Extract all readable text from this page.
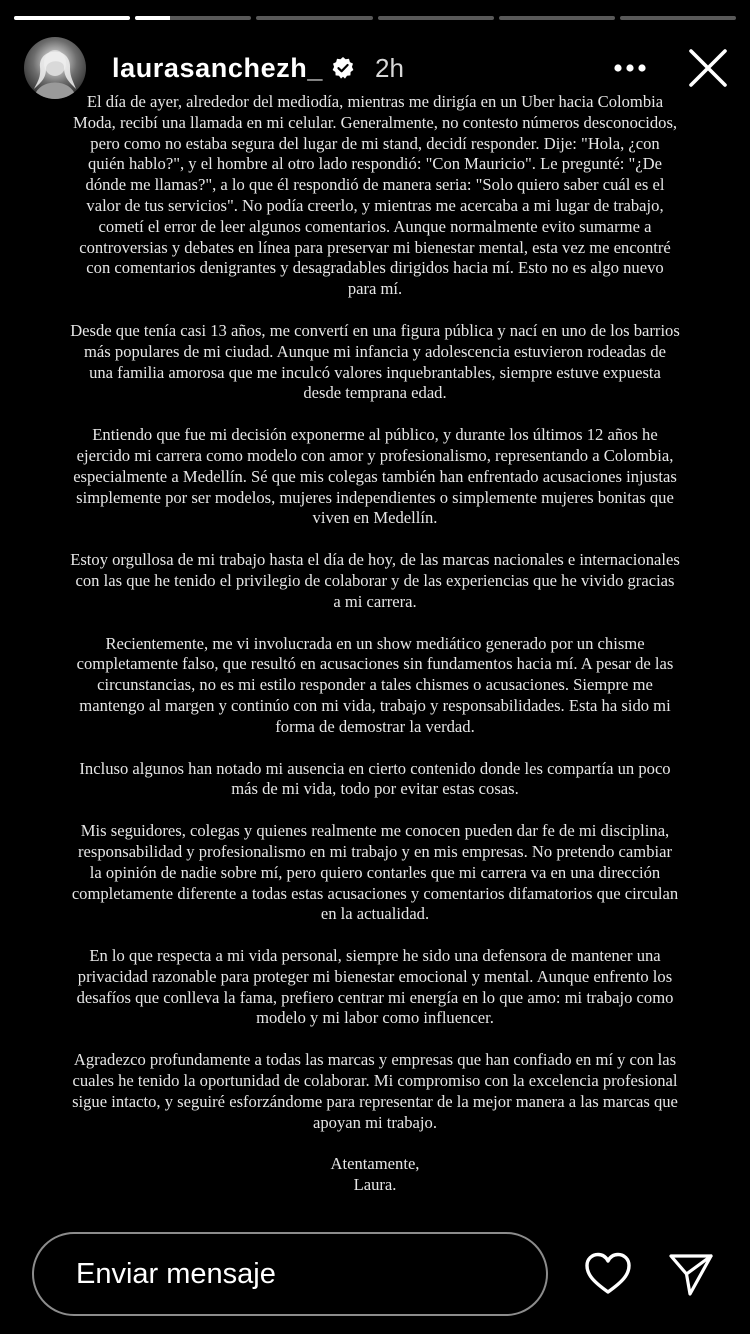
laurasanchezh_ 2h

El día de ayer, alrededor del mediodía, mientras me dirigía en un Uber hacia Colombia Moda, recibí una llamada en mi celular. Generalmente, no contesto números desconocidos, pero como no estaba segura del lugar de mi stand, decidí responder. Dije: "Hola, ¿con quién hablo?", y el hombre al otro lado respondió: "Con Mauricio". Le pregunté: "¿De dónde me llamas?", a lo que él respondió de manera seria: "Solo quiero saber cuál es el valor de tus servicios". No podía creerlo, y mientras me acercaba a mi lugar de trabajo, cometí el error de leer algunos comentarios. Aunque normalmente evito sumarme a controversias y debates en línea para preservar mi bienestar mental, esta vez me encontré con comentarios denigrantes y desagradables dirigidos hacia mí. Esto no es algo nuevo para mí.

Desde que tenía casi 13 años, me convertí en una figura pública y nací en uno de los barrios más populares de mi ciudad. Aunque mi infancia y adolescencia estuvieron rodeadas de una familia amorosa que me inculcó valores inquebrantables, siempre estuve expuesta desde temprana edad.

Entiendo que fue mi decisión exponerme al público, y durante los últimos 12 años he ejercido mi carrera como modelo con amor y profesionalismo, representando a Colombia, especialmente a Medellín. Sé que mis colegas también han enfrentado acusaciones injustas simplemente por ser modelos, mujeres independientes o simplemente mujeres bonitas que viven en Medellín.

Estoy orgullosa de mi trabajo hasta el día de hoy, de las marcas nacionales e internacionales con las que he tenido el privilegio de colaborar y de las experiencias que he vivido gracias a mi carrera.

Recientemente, me vi involucrada en un show mediático generado por un chisme completamente falso, que resultó en acusaciones sin fundamentos hacia mí. A pesar de las circunstancias, no es mi estilo responder a tales chismes o acusaciones. Siempre me mantengo al margen y continúo con mi vida, trabajo y responsabilidades. Esta ha sido mi forma de demostrar la verdad.

Incluso algunos han notado mi ausencia en cierto contenido donde les compartía un poco más de mi vida, todo por evitar estas cosas.

Mis seguidores, colegas y quienes realmente me conocen pueden dar fe de mi disciplina, responsabilidad y profesionalismo en mi trabajo y en mis empresas. No pretendo cambiar la opinión de nadie sobre mí, pero quiero contarles que mi carrera va en una dirección completamente diferente a todas estas acusaciones y comentarios difamatorios que circulan en la actualidad.

En lo que respecta a mi vida personal, siempre he sido una defensora de mantener una privacidad razonable para proteger mi bienestar emocional y mental. Aunque enfrento los desafíos que conlleva la fama, prefiero centrar mi energía en lo que amo: mi trabajo como modelo y mi labor como influencer.

Agradezco profundamente a todas las marcas y empresas que han confiado en mí y con las cuales he tenido la oportunidad de colaborar. Mi compromiso con la excelencia profesional sigue intacto, y seguiré esforzándome para representar de la mejor manera a las marcas que apoyan mi trabajo.

Atentamente,
Laura.

Enviar mensaje
